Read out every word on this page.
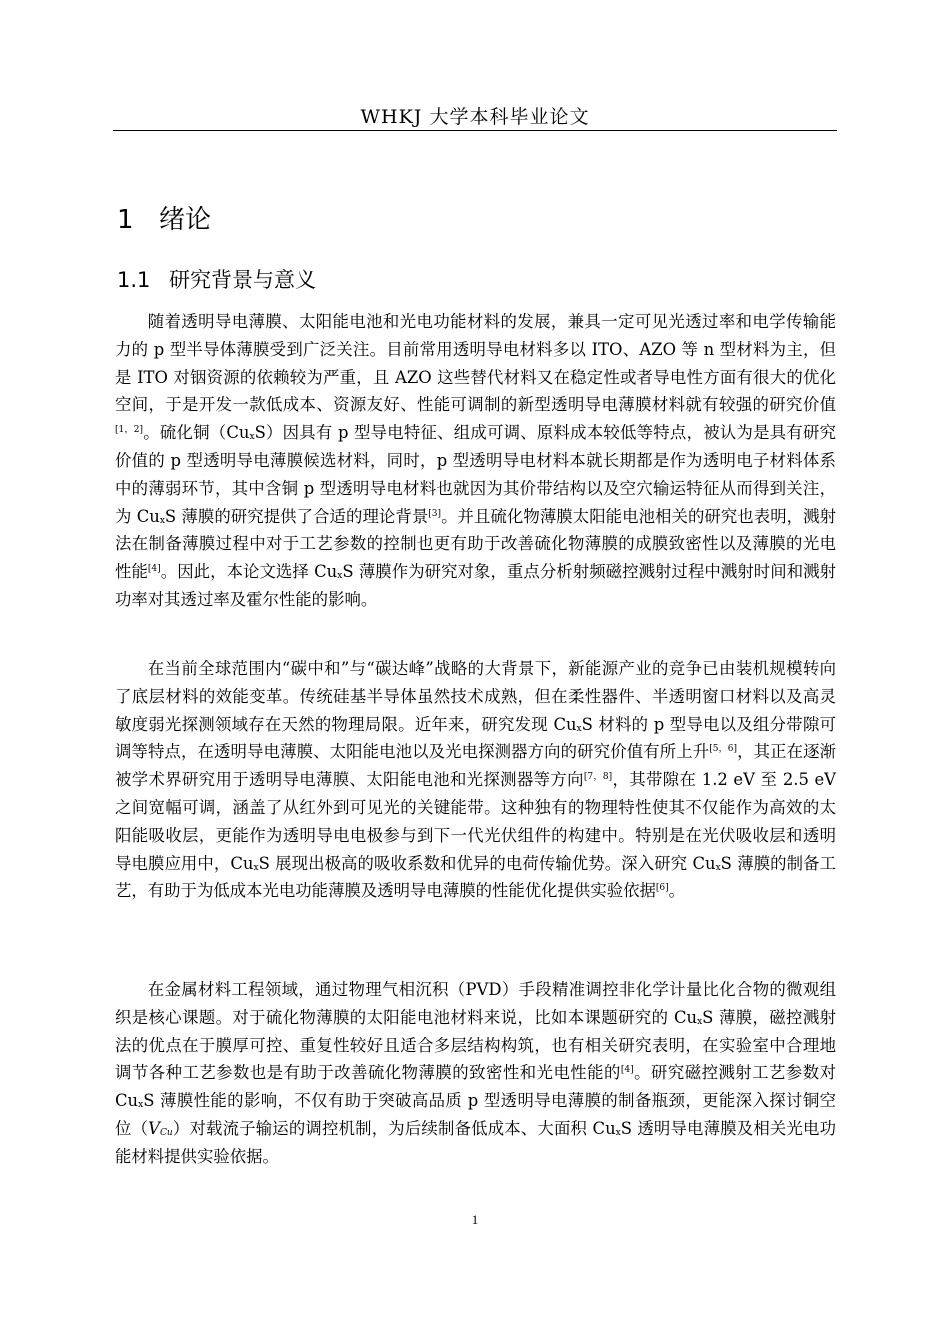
WHKJ 大学本科毕业论文
1 绪论
1.1 研究背景与意义

随着透明导电薄膜、太阳能电池和光电功能材料的发展，兼具一定可见光透过率和电学传输能力的 p 型半导体薄膜受到广泛关注。目前常用透明导电材料多以 ITO、AZO 等 n 型材料为主，但是 ITO 对铟资源的依赖较为严重，且 AZO 这些替代材料又在稳定性或者导电性方面有很大的优化空间，于是开发一款低成本、资源友好、性能可调制的新型透明导电薄膜材料就有较强的研究价值[1，2]。硫化铜$(Cu_xS)$因具有 p 型导电特征、组成可调、原料成本较低等特点，被认为是具有研究价值的 p 型透明导电薄膜候选材料，同时，p 型透明导电材料本就长期都是作为透明电子材料体系中的薄弱环节，其中含铜 p 型透明导电材料也就因为其价带结构以及空穴输运特征从而得到关注，为 $Cu_xS$ 薄膜的研究提供了合适的理论背景[3]。并且硫化物薄膜太阳能电池相关的研究也表明，溅射法在制备薄膜过程中对于工艺参数的控制也更有助于改善硫化物薄膜的成膜致密性以及薄膜的光电性能[4]。因此，本论文选择 $Cu_xS$ 薄膜作为研究对象，重点分析射频磁控溅射过程中溅射时间和溅射功率对其透过率及霍尔性能的影响。

在当前全球范围内“碳中和”与“碳达峰”战略的大背景下，新能源产业的竞争已由装机规模转向了底层材料的效能变革。传统硅基半导体虽然技术成熟，但在柔性器件、半透明窗口材料以及高灵敏度弱光探测领域存在天然的物理局限。近年来，研究发现 $Cu_xS$ 材料的 p 型导电以及组分带隙可调等特点，在透明导电薄膜、太阳能电池以及光电探测器方向的研究价值有所上升[5，6]，其正在逐渐被学术界研究用于透明导电薄膜、太阳能电池和光探测器等方向[7，8]，其带隙在 1.2 eV 至 2.5 eV 之间宽幅可调，涵盖了从红外到可见光的关键能带。这种独有的物理特性使其不仅能作为高效的太阳能吸收层，更能作为透明导电电极参与到下一代光伏组件的构建中。特别是在光伏吸收层和透明导电膜应用中，$Cu_xS$ 展现出极高的吸收系数和优异的电荷传输优势。深入研究 $Cu_xS$ 薄膜的制备工艺，有助于为低成本光电功能薄膜及透明导电薄膜的性能优化提供实验依据[6]。

在金属材料工程领域，通过物理气相沉积（PVD）手段精准调控非化学计量比化合物的微观组织是核心课题。对于硫化物薄膜的太阳能电池材料来说，比如本课题研究的 $Cu_xS$ 薄膜，磁控溅射法的优点在于膜厚可控、重复性较好且适合多层结构构筑，也有相关研究表明，在实验室中合理地调节各种工艺参数也是有助于改善硫化物薄膜的致密性和光电性能的[4]。研究磁控溅射工艺参数对 $Cu_xS$ 薄膜性能的影响，不仅有助于突破高品质 p 型透明导电薄膜的制备瓶颈，更能深入探讨铜空位$(V_{Cu})$对载流子输运的调控机制，为后续制备低成本、大面积 $Cu_xS$ 透明导电薄膜及相关光电功能材料提供实验依据。

1
